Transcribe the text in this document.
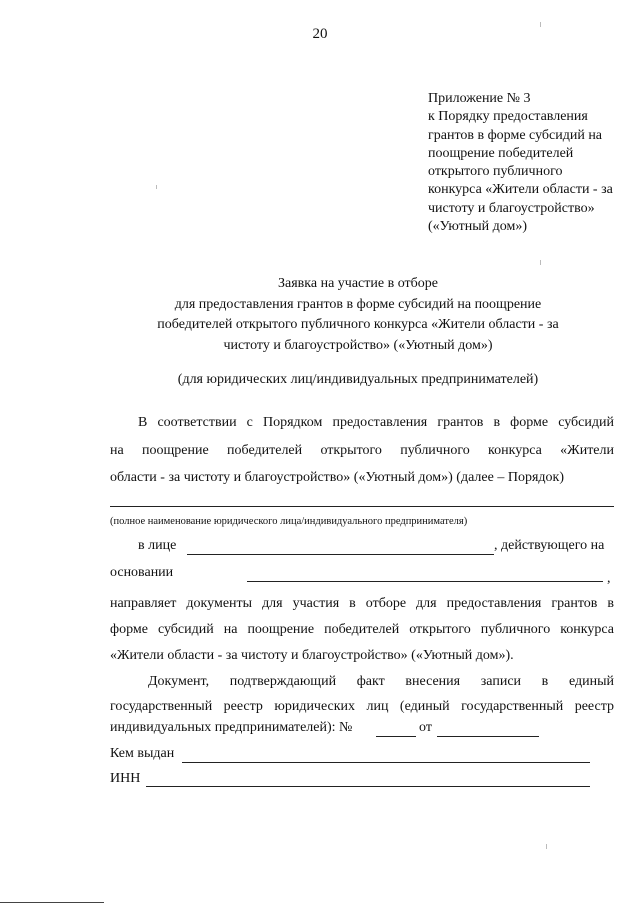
20
Приложение № 3
к Порядку предоставления
грантов в форме субсидий на
поощрение победителей
открытого публичного
конкурса «Жители области - за
чистоту и благоустройство»
(«Уютный дом»)
Заявка на участие в отборе
для предоставления грантов в форме субсидий на поощрение
победителей открытого публичного конкурса «Жители области - за
чистоту и благоустройство» («Уютный дом»)
(для юридических лиц/индивидуальных предпринимателей)
В соответствии с Порядком предоставления грантов в форме субсидий
на поощрение победителей открытого публичного конкурса «Жители
области - за чистоту и благоустройство» («Уютный дом») (далее – Порядок)
(полное наименование юридического лица/индивидуального предпринимателя)
в лице	, действующего на
основании	,
направляет документы для участия в отборе для предоставления грантов в
форме субсидий на поощрение победителей открытого публичного конкурса
«Жители области - за чистоту и благоустройство» («Уютный дом»).
Документ, подтверждающий факт внесения записи в единый
государственный реестр юридических лиц (единый государственный реестр
индивидуальных предпринимателей): №	от
Кем выдан
ИНН
